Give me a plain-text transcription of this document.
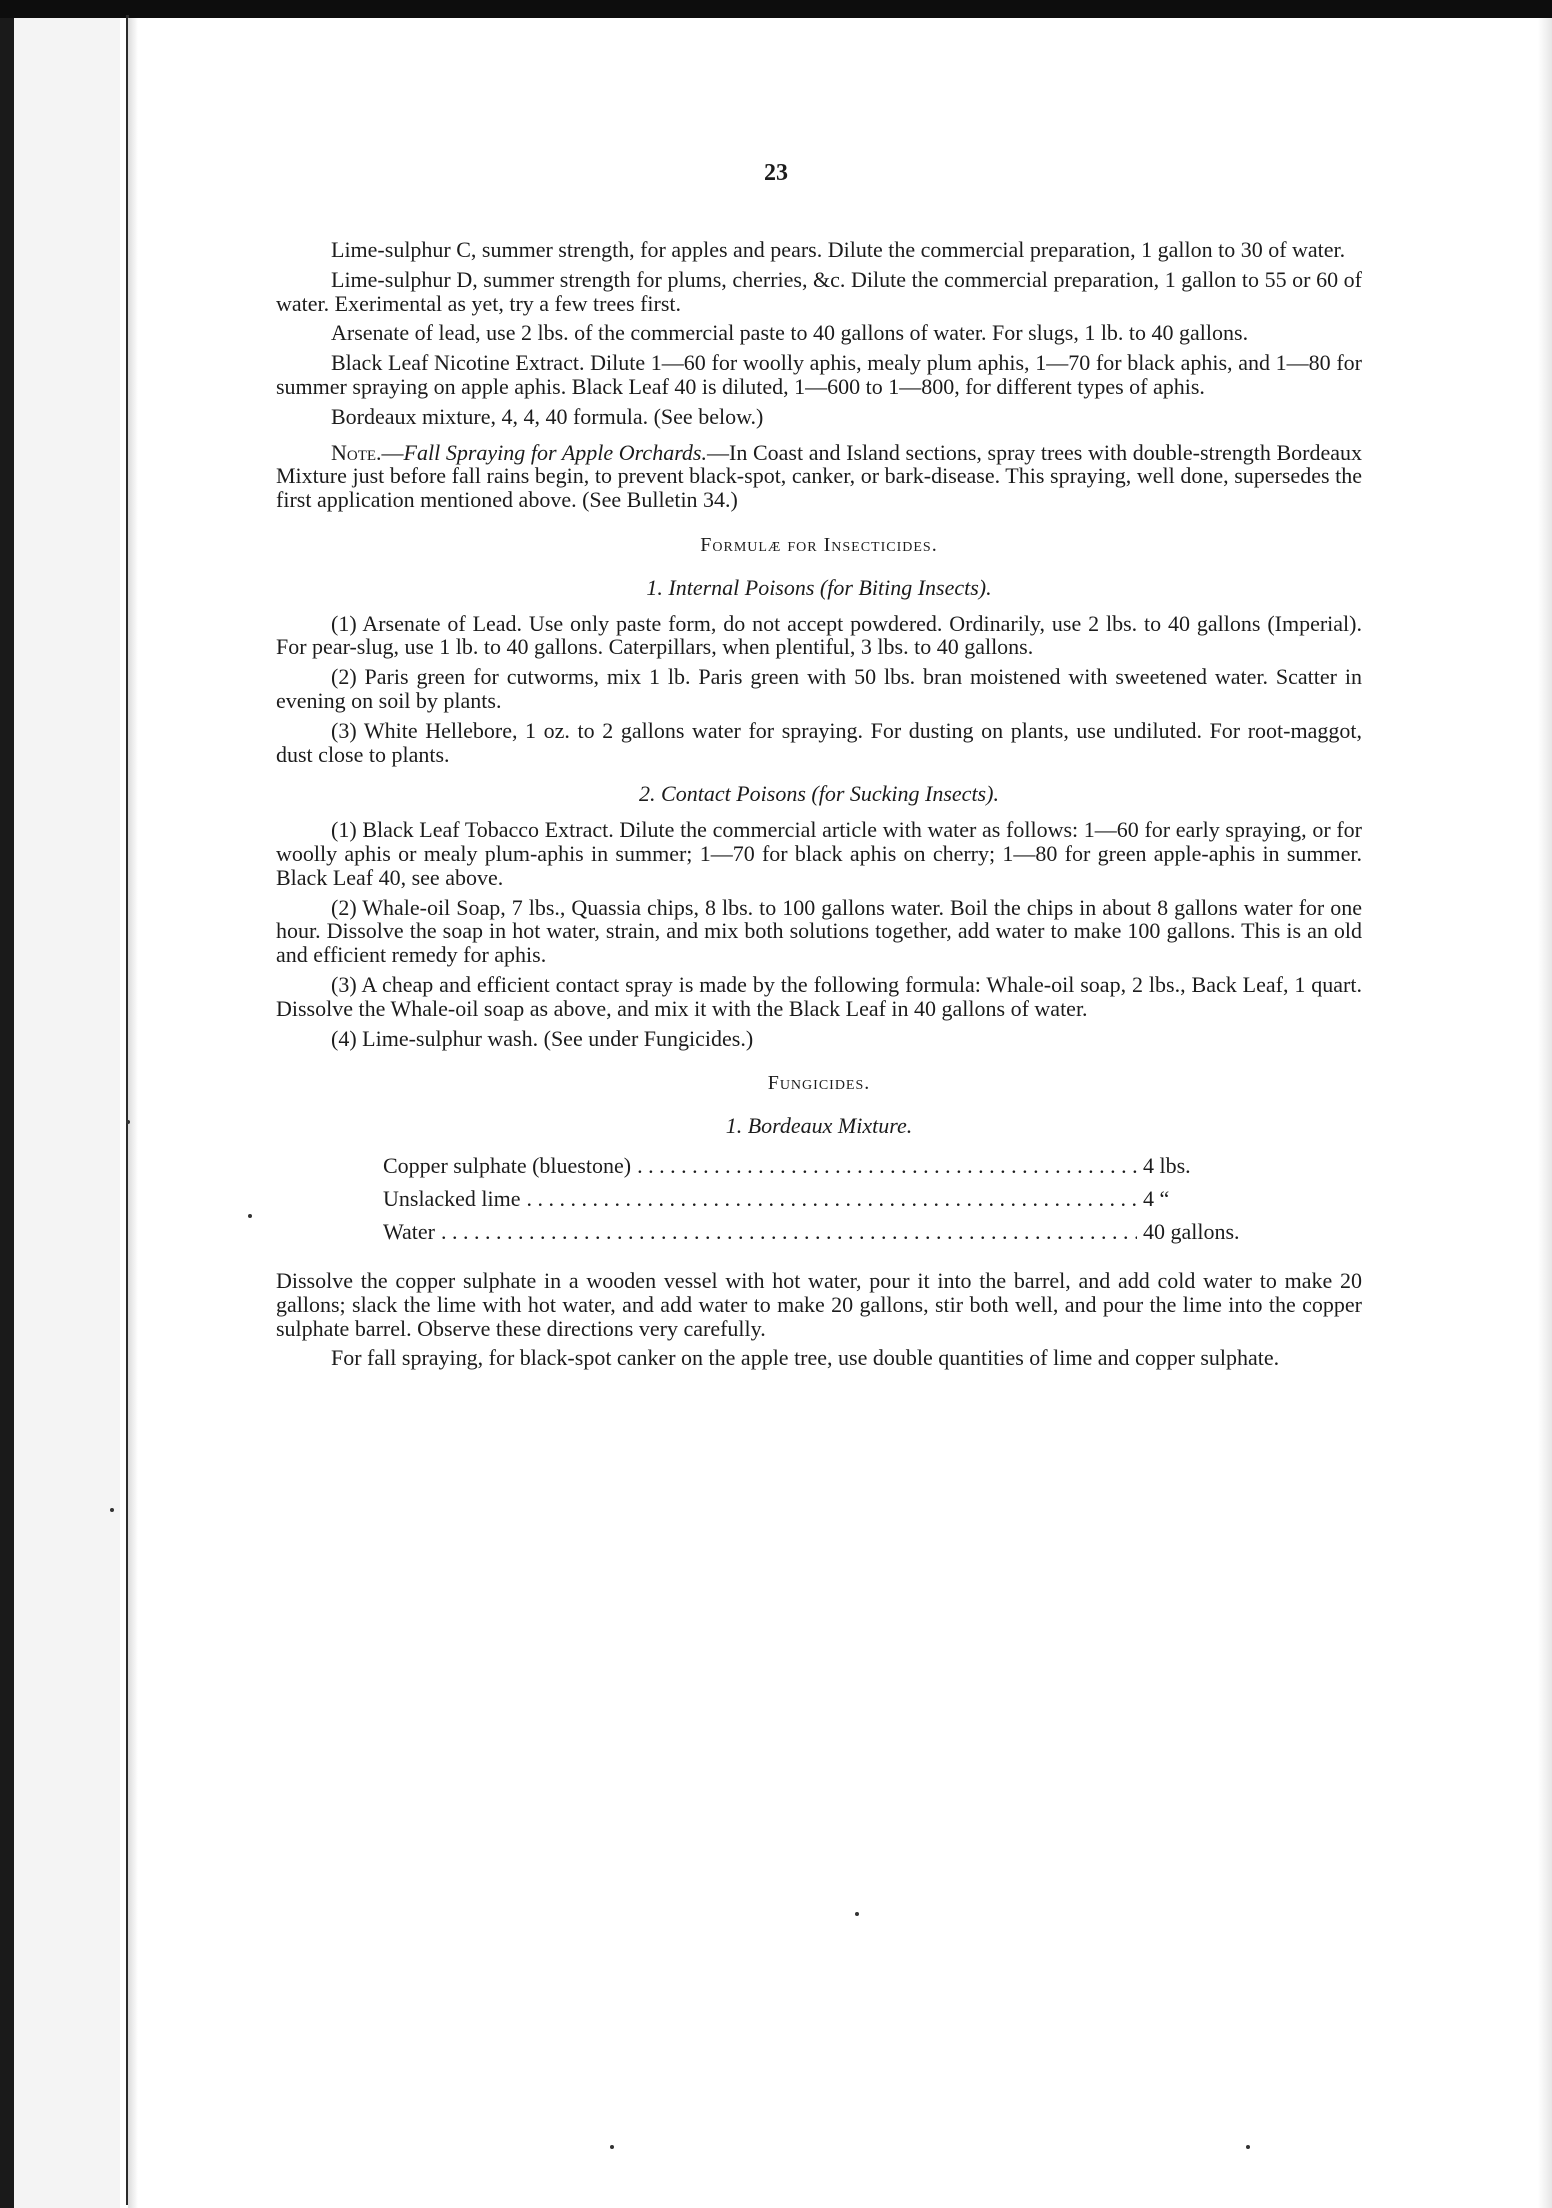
23

Lime-sulphur C, summer strength, for apples and pears. Dilute the commercial preparation, 1 gallon to 30 of water.

Lime-sulphur D, summer strength for plums, cherries, &c. Dilute the commercial preparation, 1 gallon to 55 or 60 of water. Exerimental as yet, try a few trees first.

Arsenate of lead, use 2 lbs. of the commercial paste to 40 gallons of water. For slugs, 1 lb. to 40 gallons.

Black Leaf Nicotine Extract. Dilute 1—60 for woolly aphis, mealy plum aphis, 1—70 for black aphis, and 1—80 for summer spraying on apple aphis. Black Leaf 40 is diluted, 1—600 to 1—800, for different types of aphis.

Bordeaux mixture, 4, 4, 40 formula. (See below.)

Note.—Fall Spraying for Apple Orchards.—In Coast and Island sections, spray trees with double-strength Bordeaux Mixture just before fall rains begin, to prevent black-spot, canker, or bark-disease. This spraying, well done, supersedes the first application mentioned above. (See Bulletin 34.)

Formulæ for Insecticides.
1. Internal Poisons (for Biting Insects).

(1) Arsenate of Lead. Use only paste form, do not accept powdered. Ordinarily, use 2 lbs. to 40 gallons (Imperial). For pear-slug, use 1 lb. to 40 gallons. Caterpillars, when plentiful, 3 lbs. to 40 gallons.

(2) Paris green for cutworms, mix 1 lb. Paris green with 50 lbs. bran moistened with sweetened water. Scatter in evening on soil by plants.

(3) White Hellebore, 1 oz. to 2 gallons water for spraying. For dusting on plants, use undiluted. For root-maggot, dust close to plants.

2. Contact Poisons (for Sucking Insects).

(1) Black Leaf Tobacco Extract. Dilute the commercial article with water as follows: 1—60 for early spraying, or for woolly aphis or mealy plum-aphis in summer; 1—70 for black aphis on cherry; 1—80 for green apple-aphis in summer. Black Leaf 40, see above.

(2) Whale-oil Soap, 7 lbs., Quassia chips, 8 lbs. to 100 gallons water. Boil the chips in about 8 gallons water for one hour. Dissolve the soap in hot water, strain, and mix both solutions together, add water to make 100 gallons. This is an old and efficient remedy for aphis.

(3) A cheap and efficient contact spray is made by the following formula: Whale-oil soap, 2 lbs., Back Leaf, 1 quart. Dissolve the Whale-oil soap as above, and mix it with the Black Leaf in 40 gallons of water.

(4) Lime-sulphur wash. (See under Fungicides.)

Fungicides.
1. Bordeaux Mixture.
Copper sulphate (bluestone) . . .	4 lbs.
Unslacked lime . . .	4 “
Water . . .	40 gallons.

Dissolve the copper sulphate in a wooden vessel with hot water, pour it into the barrel, and add cold water to make 20 gallons; slack the lime with hot water, and add water to make 20 gallons, stir both well, and pour the lime into the copper sulphate barrel. Observe these directions very carefully.

For fall spraying, for black-spot canker on the apple tree, use double quantities of lime and copper sulphate.
